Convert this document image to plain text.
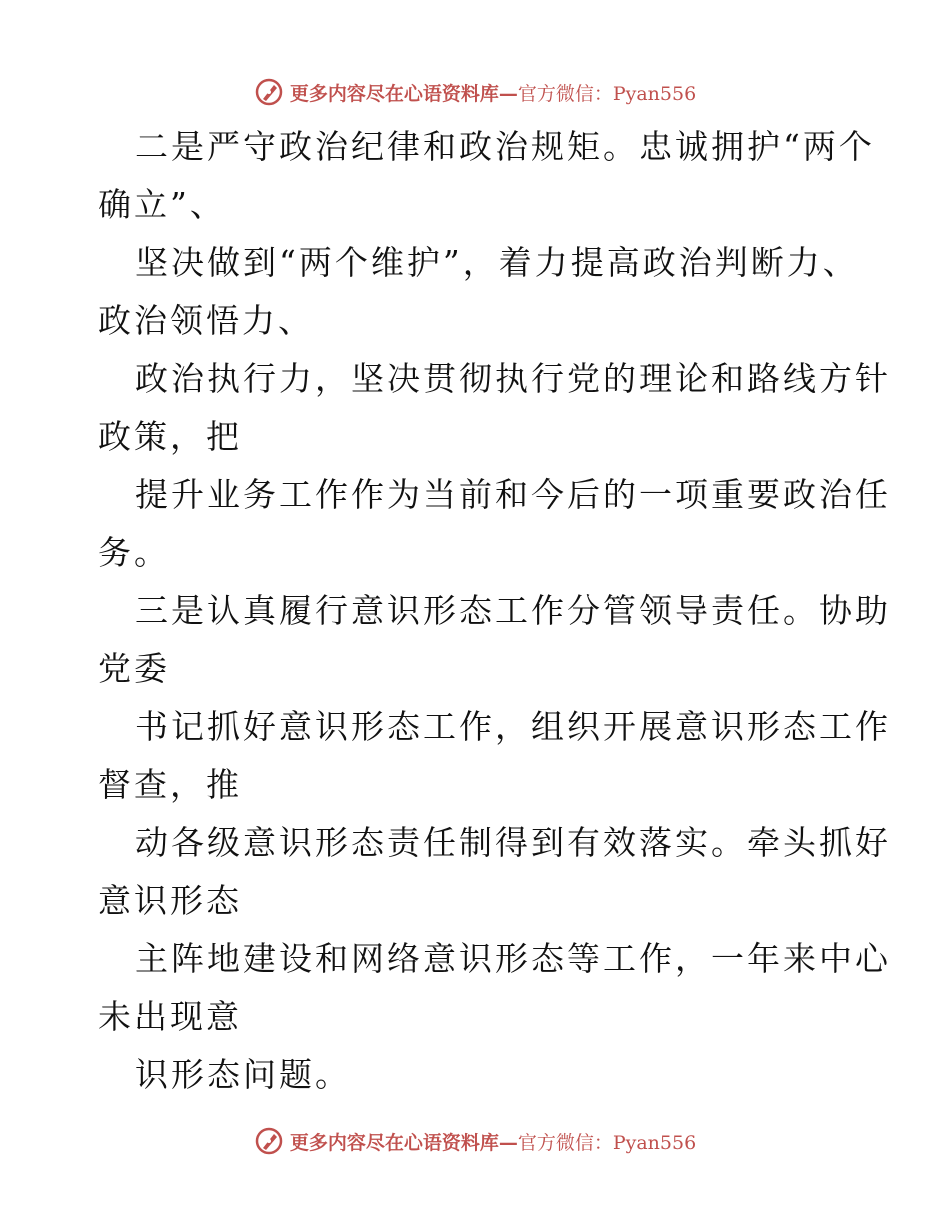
更多内容尽在心语资料库—官方微信：Pyan556
二是严守政治纪律和政治规矩。忠诚拥护“两个
确立”、
坚决做到“两个维护”，着力提高政治判断力、
政治领悟力、
政治执行力，坚决贯彻执行党的理论和路线方针
政策，把
提升业务工作作为当前和今后的一项重要政治任
务。
三是认真履行意识形态工作分管领导责任。协助
党委
书记抓好意识形态工作，组织开展意识形态工作
督查，推
动各级意识形态责任制得到有效落实。牵头抓好
意识形态
主阵地建设和网络意识形态等工作，一年来中心
未出现意
识形态问题。
更多内容尽在心语资料库—官方微信：Pyan556
